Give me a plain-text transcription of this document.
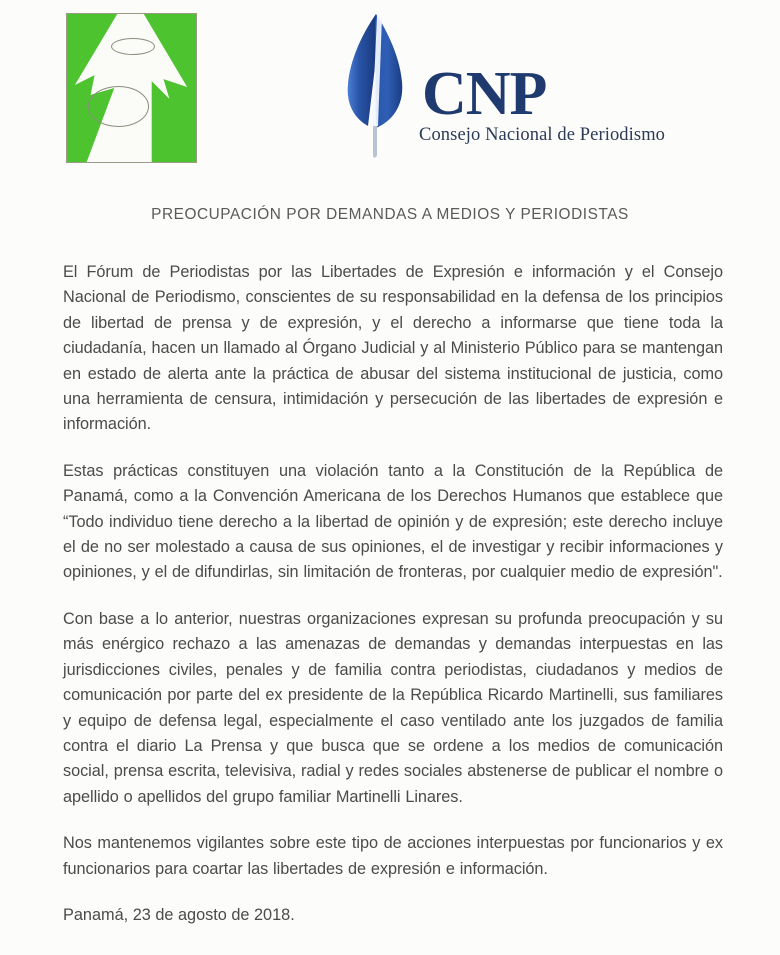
CNP
Consejo Nacional de Periodismo
PREOCUPACIÓN POR DEMANDAS A MEDIOS Y PERIODISTAS

El Fórum de Periodistas por las Libertades de Expresión e información y el Consejo Nacional de Periodismo, conscientes de su responsabilidad en la defensa de los principios de libertad de prensa y de expresión, y el derecho a informarse que tiene toda la ciudadanía, hacen un llamado al Órgano Judicial y al Ministerio Público para se mantengan en estado de alerta ante la práctica de abusar del sistema institucional de justicia, como una herramienta de censura, intimidación y persecución de las libertades de expresión e información.

Estas prácticas constituyen una violación tanto a la Constitución de la República de Panamá, como a la Convención Americana de los Derechos Humanos que establece que “Todo individuo tiene derecho a la libertad de opinión y de expresión; este derecho incluye el de no ser molestado a causa de sus opiniones, el de investigar y recibir informaciones y opiniones, y el de difundirlas, sin limitación de fronteras, por cualquier medio de expresión".

Con base a lo anterior, nuestras organizaciones expresan su profunda preocupación y su más enérgico rechazo a las amenazas de demandas y demandas interpuestas en las jurisdicciones civiles, penales y de familia contra periodistas, ciudadanos y medios de comunicación por parte del ex presidente de la República Ricardo Martinelli, sus familiares y equipo de defensa legal, especialmente el caso ventilado ante los juzgados de familia contra el diario La Prensa y que busca que se ordene a los medios de comunicación social, prensa escrita, televisiva, radial y redes sociales abstenerse de publicar el nombre o apellido o apellidos del grupo familiar Martinelli Linares.

Nos mantenemos vigilantes sobre este tipo de acciones interpuestas por funcionarios y ex funcionarios para coartar las libertades de expresión e información.

Panamá, 23 de agosto de 2018.
